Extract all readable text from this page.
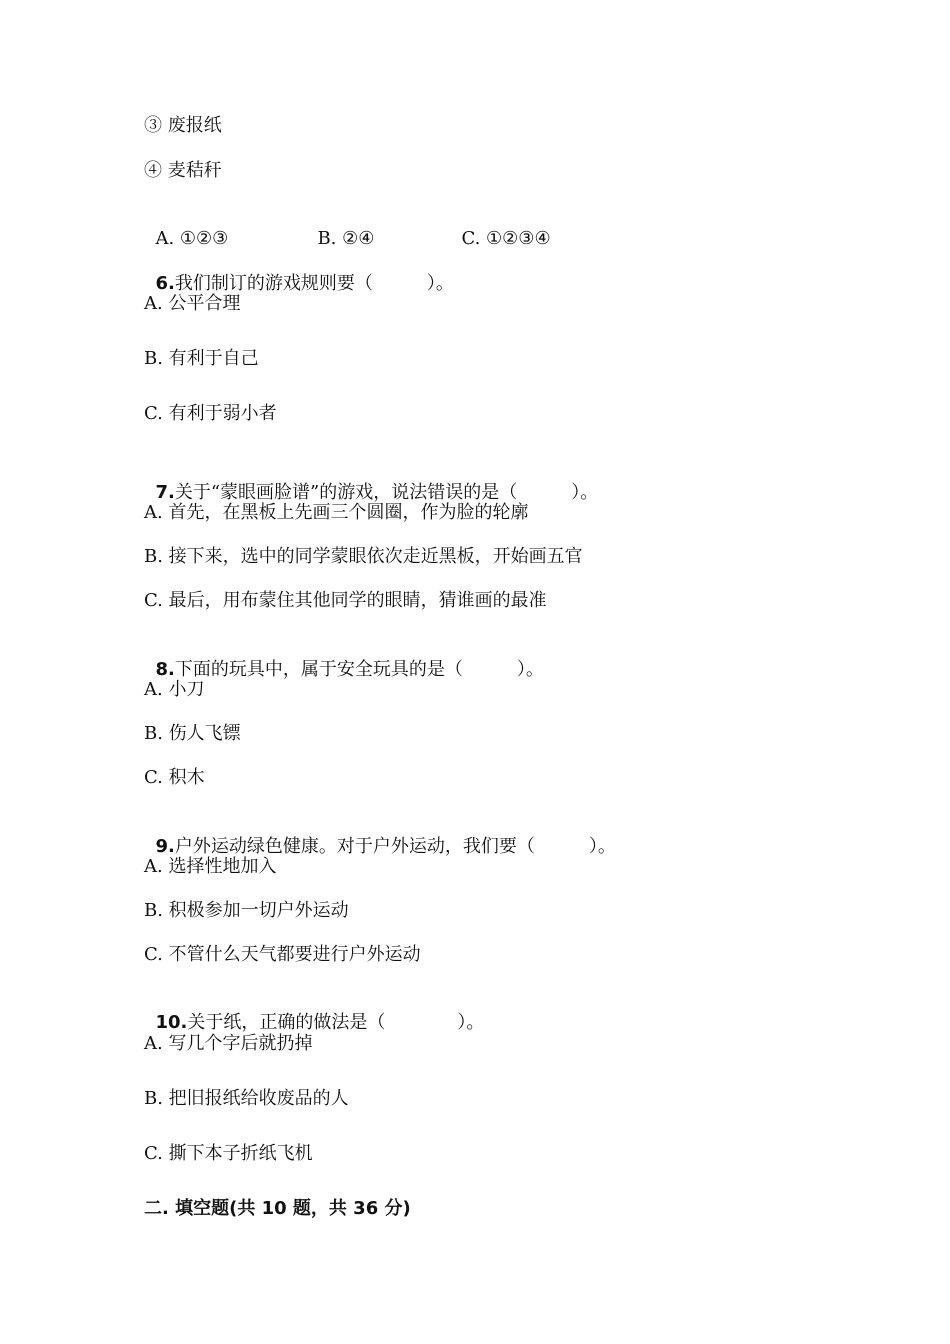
③ 废报纸
④ 麦秸秆

A. ①②③	B. ②④	C. ①②③④

6.我们制订的游戏规则要（　　　）。

A. 公平合理
B. 有利于自己
C. 有利于弱小者

7.关于“蒙眼画脸谱”的游戏，说法错误的是（　　　）。

A. 首先，在黑板上先画三个圆圈，作为脸的轮廓
B. 接下来，选中的同学蒙眼依次走近黑板，开始画五官
C. 最后，用布蒙住其他同学的眼睛，猜谁画的最准

8.下面的玩具中，属于安全玩具的是（　　　）。

A. 小刀
B. 伤人飞镖
C. 积木

9.户外运动绿色健康。对于户外运动，我们要（　　　）。

A. 选择性地加入
B. 积极参加一切户外运动
C. 不管什么天气都要进行户外运动

10.关于纸，正确的做法是（　　　　）。

A. 写几个字后就扔掉
B. 把旧报纸给收废品的人
C. 撕下本子折纸飞机
二. 填空题(共 10 题，共 36 分)
